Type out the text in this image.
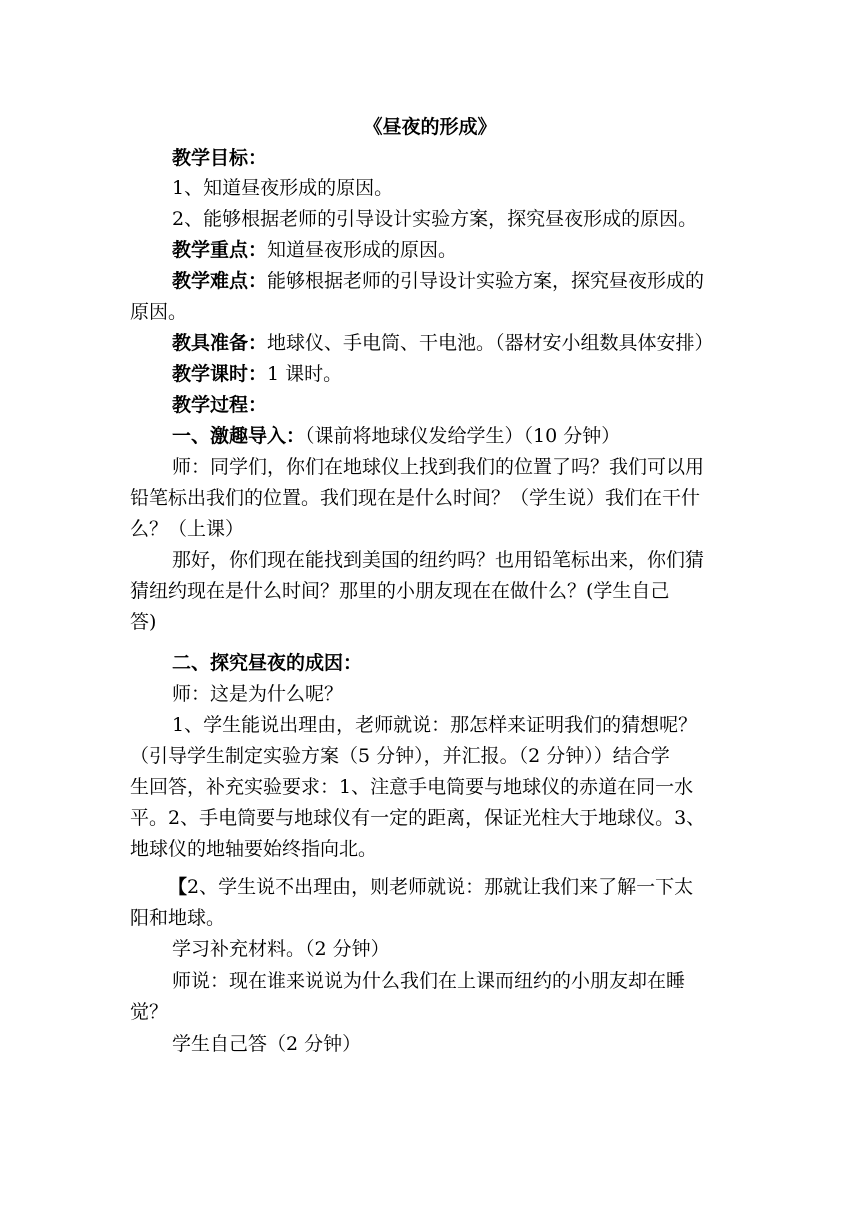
《昼夜的形成》
教学目标：
1、知道昼夜形成的原因。
2、能够根据老师的引导设计实验方案，探究昼夜形成的原因。
教学重点：知道昼夜形成的原因。
教学难点：能够根据老师的引导设计实验方案，探究昼夜形成的
原因。
教具准备：地球仪、手电筒、干电池。（器材安小组数具体安排）
教学课时：1 课时。
教学过程：
一、激趣导入：（课前将地球仪发给学生）（10 分钟）
师：同学们，你们在地球仪上找到我们的位置了吗？我们可以用
铅笔标出我们的位置。我们现在是什么时间？（学生说）我们在干什
么？（上课）
那好，你们现在能找到美国的纽约吗？也用铅笔标出来，你们猜
猜纽约现在是什么时间？那里的小朋友现在在做什么？(学生自己
答)
二、探究昼夜的成因：
师：这是为什么呢？
1、学生能说出理由，老师就说：那怎样来证明我们的猜想呢？
（引导学生制定实验方案（5 分钟），并汇报。（2 分钟））结合学
生回答，补充实验要求：1、注意手电筒要与地球仪的赤道在同一水
平。2、手电筒要与地球仪有一定的距离，保证光柱大于地球仪。3、
地球仪的地轴要始终指向北。
【2、学生说不出理由，则老师就说：那就让我们来了解一下太
阳和地球。
学习补充材料。（2 分钟）
师说：现在谁来说说为什么我们在上课而纽约的小朋友却在睡
觉？
学生自己答（2 分钟）
